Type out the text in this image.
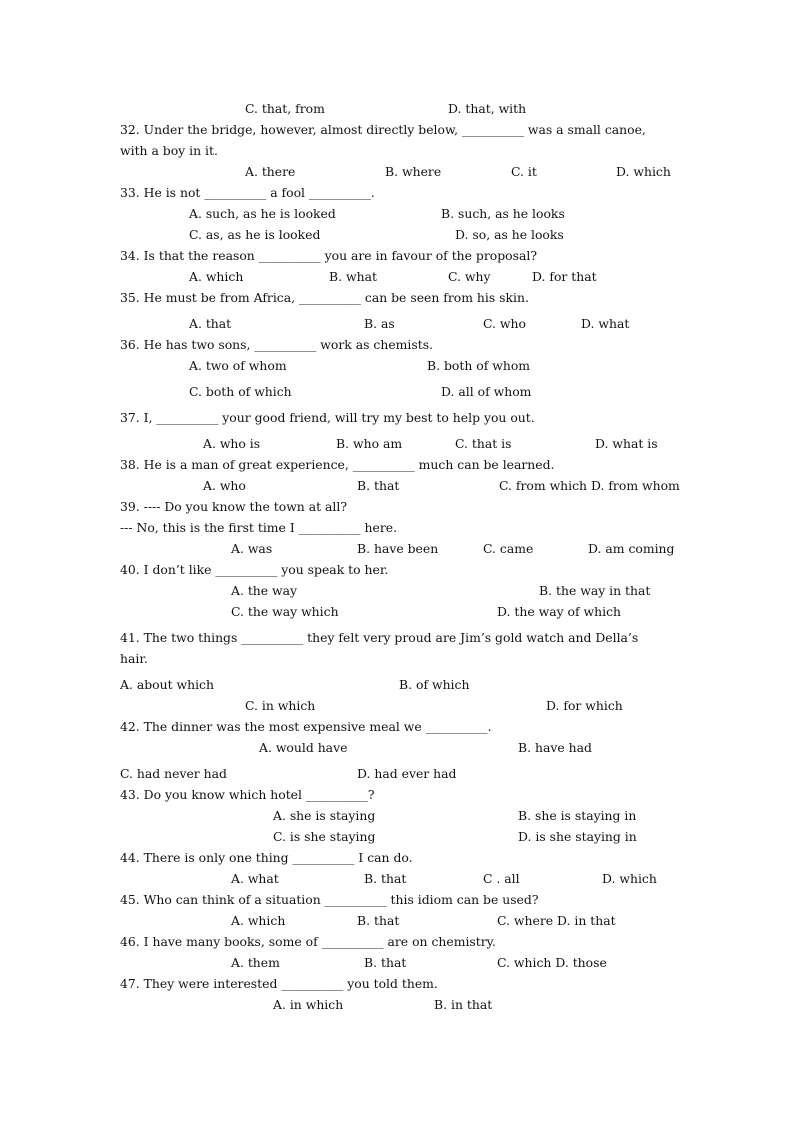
C. that, from	D. that, with
32. Under the bridge, however, almost directly below, __________ was a small canoe,
with a boy in it.
A. there	B. where	C. it	D. which
33. He is not __________ a fool __________.
A. such, as he is looked	B. such, as he looks
C. as, as he is looked	D. so, as he looks
34. Is that the reason __________ you are in favour of the proposal?
A. which	B. what	C. why	D. for that
35. He must be from Africa, __________ can be seen from his skin.
A. that	B. as	C. who	D. what
36. He has two sons, __________ work as chemists.
A. two of whom	B. both of whom
C. both of which	D. all of whom
37. I, __________ your good friend, will try my best to help you out.
A. who is	B. who am	C. that is	D. what is
38. He is a man of great experience, __________ much can be learned.
A. who	B. that	C. from which D. from whom
39. ---- Do you know the town at all?
--- No, this is the first time I __________ here.
A. was	B. have been	C. came	D. am coming
40. I don’t like __________ you speak to her.
A. the way	B. the way in that
C. the way which	D. the way of which
41. The two things __________ they felt very proud are Jim’s gold watch and Della’s
hair.
A. about which	B. of which
C. in which	D. for which
42. The dinner was the most expensive meal we __________.
A. would have	B. have had
C. had never had	D. had ever had
43. Do you know which hotel __________?
A. she is staying	B. she is staying in
C. is she staying	D. is she staying in
44. There is only one thing __________ I can do.
A. what	B. that	C . all	D. which
45. Who can think of a situation __________ this idiom can be used?
A. which	B. that	C. where D. in that
46. I have many books, some of __________ are on chemistry.
A. them	B. that	C. which D. those
47. They were interested __________ you told them.
A. in which	B. in that
